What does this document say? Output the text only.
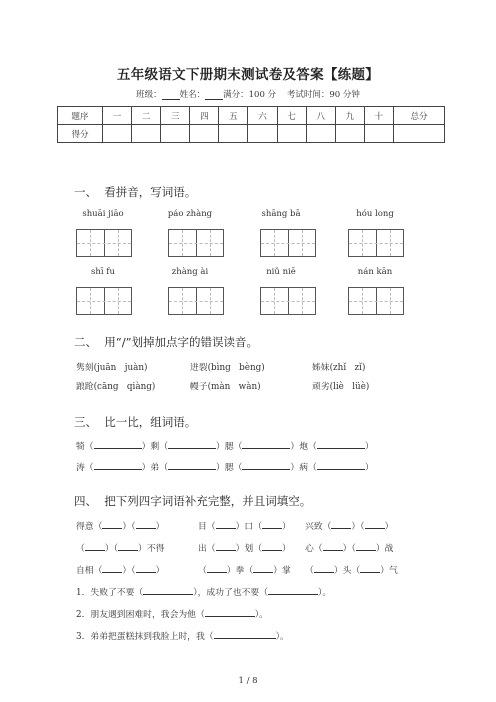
五年级语文下册期末测试卷及答案【练题】
班级： 姓名： 满分：100 分 考试时间：90 分钟
题序	一	二	三	四	五	六	七	八	九	十	总分
得分											
一、  看拼音，写词语。
shuāi jiāo	páo zhàng	shāng bā	hóu long
shī fu	zhàng ài	niǔ niē	nán kān
二、  用“/”划掉加点字的错误读音。
隽刻(juān   juàn)	迸裂(bìng   bèng)	姊妹(zhǐ   zǐ)
踉跄(cāng   qiàng)	幔子(màn   wàn)	顽劣(liè   lüè)
三、  比一比，组词语。
犄（	）剩（	）腮（	）炮（	）
涛（	）弟（	）腮（	）病（	）
四、  把下列四字词语补充完整，并且词填空。
得意（ ）（ ）	目（ ）口（ ） 兴致（ ）（ ）
（ ）（ ）不得	出（ ）划（ ） 心（ ）（ ）战
自相（ ）（ ）	（ ）拳（ ）掌 （ ）头（ ）气
1．失败了不要（	），成功了也不要（	）。
2．朋友遇到困难时，我会为他（	）。
3．弟弟把蛋糕抹到我脸上时，我（	）。
1 / 8
